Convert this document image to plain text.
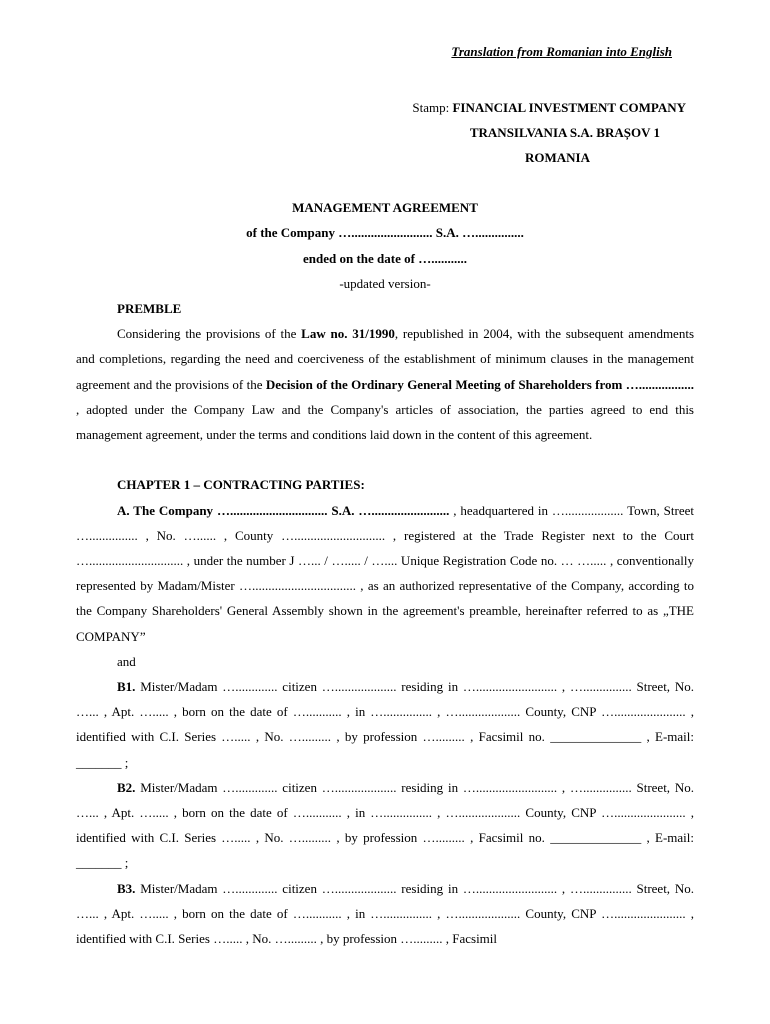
Translation from Romanian into English
Stamp: FINANCIAL INVESTMENT COMPANY
TRANSILVANIA S.A. BRAȘOV 1
ROMANIA
MANAGEMENT AGREEMENT
of the Company …......................... S.A. …...............
ended on the date of …...........
-updated version-

PREMBLE

Considering the provisions of the Law no. 31/1990, republished in 2004, with the subsequent amendments and completions, regarding the need and coerciveness of the establishment of minimum clauses in the management agreement and the provisions of the Decision of the Ordinary General Meeting of Shareholders from …................. , adopted under the Company Law and the Company's articles of association, the parties agreed to end this management agreement, under the terms and conditions laid down in the content of this agreement.

CHAPTER 1 – CONTRACTING PARTIES:

A. The Company ….............................. S.A. …........................ , headquartered in ….................. Town, Street …............... , No. …...... , County …............................ , registered at the Trade Register next to the Court …............................. , under the number J …... / …..... / ….... Unique Registration Code no. … …..... , conventionally represented by Madam/Mister …................................ , as an authorized representative of the Company, according to the Company Shareholders' General Assembly shown in the agreement's preamble, hereinafter referred to as „THE COMPANY”

and

B1. Mister/Madam …............. citizen …................... residing in …......................... , …............... Street, No. …... , Apt. …..... , born on the date of …........... , in …............... , …................... County, CNP …...................... , identified with C.I. Series …..... , No. …......... , by profession …......... , Facsimil no. ______________ , E-mail: _______ ;

B2. Mister/Madam …............. citizen …................... residing in …......................... , …............... Street, No. …... , Apt. …..... , born on the date of …........... , in …............... , …................... County, CNP …...................... , identified with C.I. Series …..... , No. …......... , by profession …......... , Facsimil no. ______________ , E-mail: _______ ;

B3. Mister/Madam …............. citizen …................... residing in …......................... , …............... Street, No. …... , Apt. …..... , born on the date of …........... , in …............... , …................... County, CNP …...................... , identified with C.I. Series …..... , No. …......... , by profession …......... , Facsimil
